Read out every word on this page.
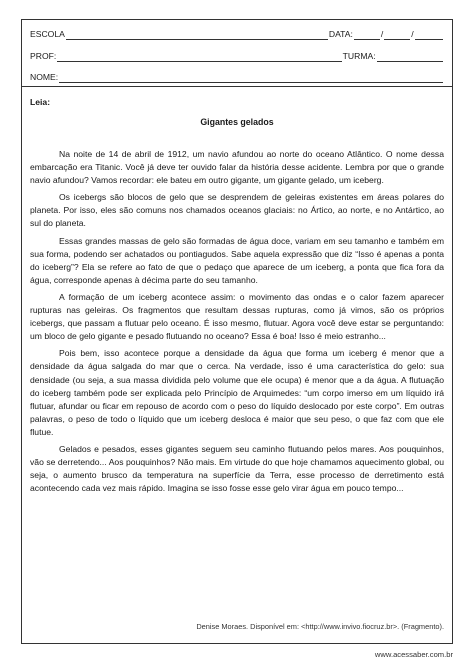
ESCOLA	DATA:	/	/
PROF:	TURMA:
NOME:
Leia:
Gigantes gelados

Na noite de 14 de abril de 1912, um navio afundou ao norte do oceano Atlântico. O nome dessa embarcação era Titanic. Você já deve ter ouvido falar da história desse acidente. Lembra por que o grande navio afundou? Vamos recordar: ele bateu em outro gigante, um gigante gelado, um iceberg.

Os icebergs são blocos de gelo que se desprendem de geleiras existentes em áreas polares do planeta. Por isso, eles são comuns nos chamados oceanos glaciais: no Ártico, ao norte, e no Antártico, ao sul do planeta.

Essas grandes massas de gelo são formadas de água doce, variam em seu tamanho e também em sua forma, podendo ser achatados ou pontiagudos. Sabe aquela expressão que diz “Isso é apenas a ponta do iceberg”? Ela se refere ao fato de que o pedaço que aparece de um iceberg, a ponta que fica fora da água, corresponde apenas à décima parte do seu tamanho.

A formação de um iceberg acontece assim: o movimento das ondas e o calor fazem aparecer rupturas nas geleiras. Os fragmentos que resultam dessas rupturas, como já vimos, são os próprios icebergs, que passam a flutuar pelo oceano. É isso mesmo, flutuar. Agora você deve estar se perguntando: um bloco de gelo gigante e pesado flutuando no oceano? Essa é boa! Isso é meio estranho...

Pois bem, isso acontece porque a densidade da água que forma um iceberg é menor que a densidade da água salgada do mar que o cerca. Na verdade, isso é uma característica do gelo: sua densidade (ou seja, a sua massa dividida pelo volume que ele ocupa) é menor que a da água. A flutuação do iceberg também pode ser explicada pelo Princípio de Arquimedes: “um corpo imerso em um líquido irá flutuar, afundar ou ficar em repouso de acordo com o peso do líquido deslocado por este corpo”. Em outras palavras, o peso de todo o líquido que um iceberg desloca é maior que seu peso, o que faz com que ele flutue.

Gelados e pesados, esses gigantes seguem seu caminho flutuando pelos mares. Aos pouquinhos, vão se derretendo... Aos pouquinhos? Não mais. Em virtude do que hoje chamamos aquecimento global, ou seja, o aumento brusco da temperatura na superfície da Terra, esse processo de derretimento está acontecendo cada vez mais rápido. Imagina se isso fosse esse gelo virar água em pouco tempo...

Denise Moraes. Disponível em: <http://www.invivo.fiocruz.br>. (Fragmento).
www.acessaber.com.br
